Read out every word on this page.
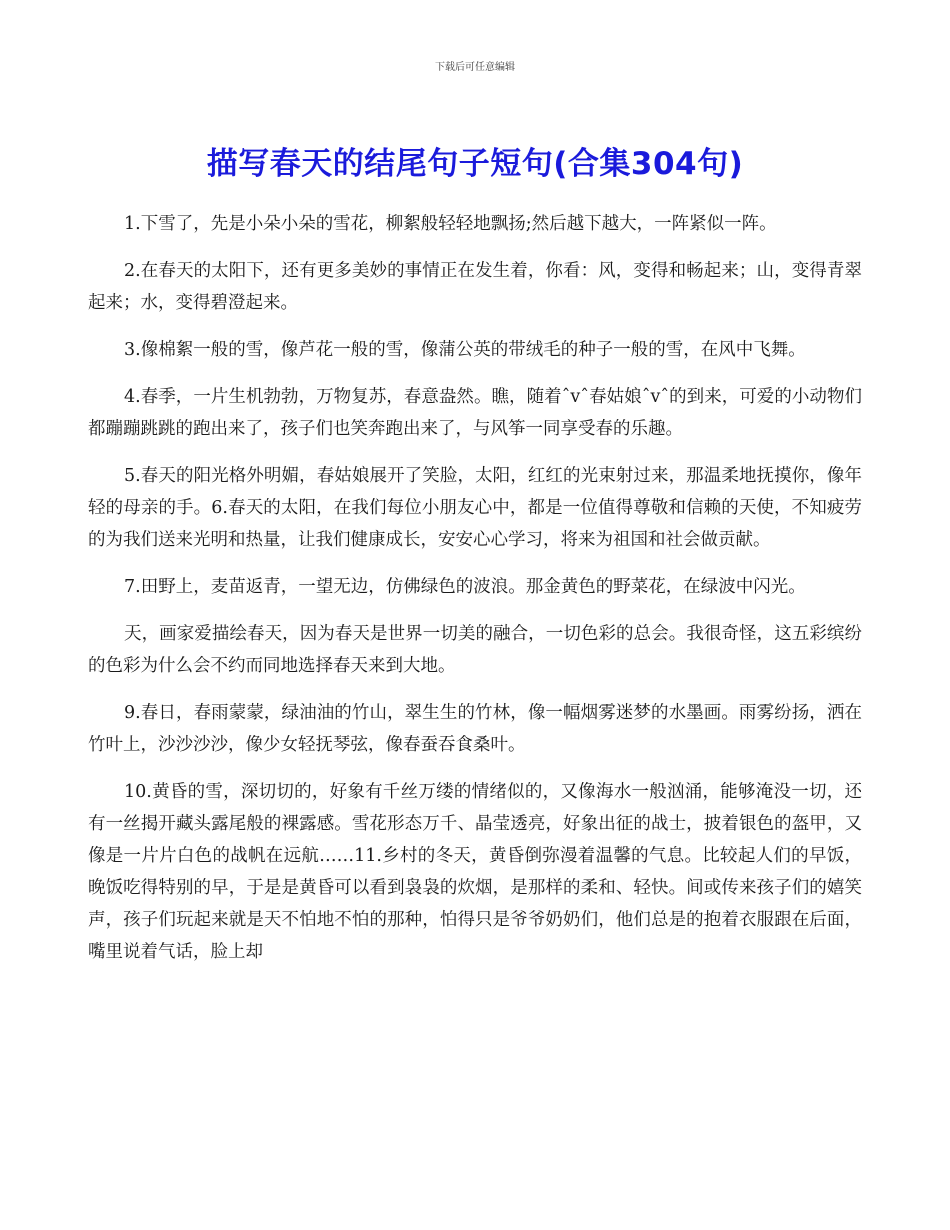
下载后可任意编辑
描写春天的结尾句子短句(合集304句)

1.下雪了，先是小朵小朵的雪花，柳絮般轻轻地飘扬;然后越下越大，一阵紧似一阵。

2.在春天的太阳下，还有更多美妙的事情正在发生着，你看：风，变得和畅起来；山，变得青翠起来；水，变得碧澄起来。

3.像棉絮一般的雪，像芦花一般的雪，像蒲公英的带绒毛的种子一般的雪，在风中飞舞。

4.春季，一片生机勃勃，万物复苏，春意盎然。瞧，随着ˆvˆ春姑娘ˆvˆ的到来，可爱的小动物们都蹦蹦跳跳的跑出来了，孩子们也笑奔跑出来了，与风筝一同享受春的乐趣。

5.春天的阳光格外明媚，春姑娘展开了笑脸，太阳，红红的光束射过来，那温柔地抚摸你，像年轻的母亲的手。6.春天的太阳，在我们每位小朋友心中，都是一位值得尊敬和信赖的天使，不知疲劳的为我们送来光明和热量，让我们健康成长，安安心心学习，将来为祖国和社会做贡献。

7.田野上，麦苗返青，一望无边，仿佛绿色的波浪。那金黄色的野菜花，在绿波中闪光。

天，画家爱描绘春天，因为春天是世界一切美的融合，一切色彩的总会。我很奇怪，这五彩缤纷的色彩为什么会不约而同地选择春天来到大地。

9.春日，春雨蒙蒙，绿油油的竹山，翠生生的竹林，像一幅烟雾迷梦的水墨画。雨雾纷扬，洒在竹叶上，沙沙沙沙，像少女轻抚琴弦，像春蚕吞食桑叶。

10.黄昏的雪，深切切的，好象有千丝万缕的情绪似的，又像海水一般汹涌，能够淹没一切，还有一丝揭开藏头露尾般的裸露感。雪花形态万千、晶莹透亮，好象出征的战士，披着银色的盔甲，又像是一片片白色的战帆在远航……11.乡村的冬天，黄昏倒弥漫着温馨的气息。比较起人们的早饭，晚饭吃得特别的早，于是是黄昏可以看到袅袅的炊烟，是那样的柔和、轻快。间或传来孩子们的嬉笑声，孩子们玩起来就是天不怕地不怕的那种，怕得只是爷爷奶奶们，他们总是的抱着衣服跟在后面，嘴里说着气话，脸上却
